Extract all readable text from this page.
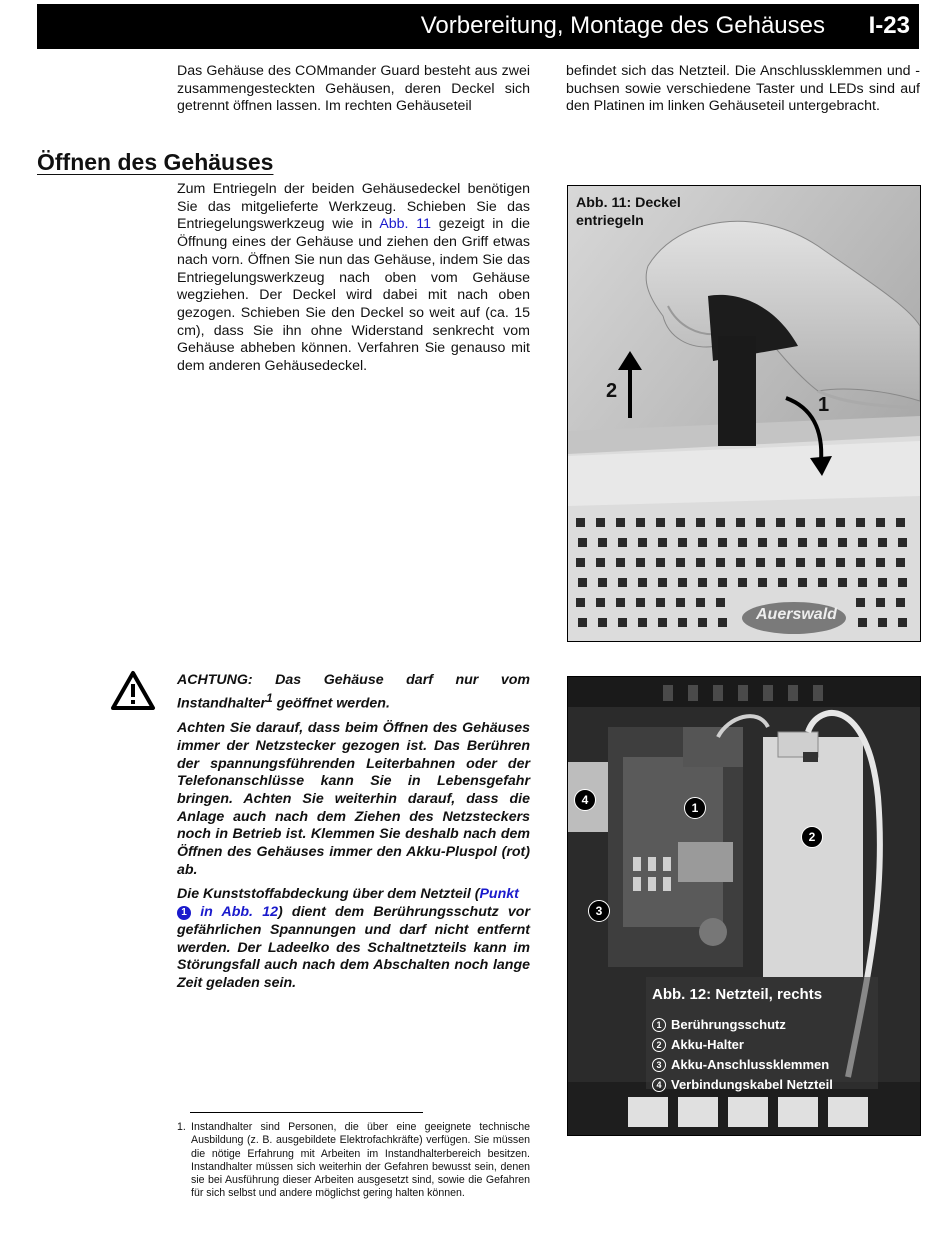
Vorbereitung, Montage des Gehäuses I-23

Das Gehäuse des COMmander Guard besteht aus zwei zusammengesteckten Gehäusen, deren Deckel sich getrennt öffnen lassen. Im rechten Gehäuseteil

befindet sich das Netzteil. Die Anschlussklemmen und -buchsen sowie verschiedene Taster und LEDs sind auf den Platinen im linken Gehäuseteil untergebracht.

Öffnen des Gehäuses

Zum Entriegeln der beiden Gehäusedeckel benötigen Sie das mitgelieferte Werkzeug. Schieben Sie das Entriegelungswerkzeug wie in Abb. 11 gezeigt in die Öffnung eines der Gehäuse und ziehen den Griff etwas nach vorn. Öffnen Sie nun das Gehäuse, indem Sie das Entriegelungswerkzeug nach oben vom Gehäuse wegziehen. Der Deckel wird dabei mit nach oben gezogen. Schieben Sie den Deckel so weit auf (ca. 15 cm), dass Sie ihn ohne Widerstand senkrecht vom Gehäuse abheben können. Verfahren Sie genauso mit dem anderen Gehäusedeckel.

ACHTUNG: Das Gehäuse darf nur vom Instandhalter$^1$ geöffnet werden.

Achten Sie darauf, dass beim Öffnen des Gehäuses immer der Netzstecker gezogen ist. Das Berühren der spannungsführenden Leiterbahnen oder der Telefonanschlüsse kann Sie in Lebensgefahr bringen. Achten Sie weiterhin darauf, dass die Anlage auch nach dem Ziehen des Netzsteckers noch in Betrieb ist. Klemmen Sie deshalb nach dem Öffnen des Gehäuses immer den Akku-Pluspol (rot) ab.

Die Kunststoffabdeckung über dem Netzteil (Punkt
1 in Abb. 12) dient dem Berührungsschutz vor gefährlichen Spannungen und darf nicht entfernt werden. Der Ladeelko des Schaltnetzteils kann im Störungsfall auch nach dem Abschalten noch lange Zeit geladen sein.

1. Instandhalter sind Personen, die über eine geeignete technische Ausbildung (z. B. ausgebildete Elektrofachkräfte) verfügen. Sie müssen die nötige Erfahrung mit Arbeiten im Instandhalterbereich besitzen. Instandhalter müssen sich weiterhin der Gefahren bewusst sein, denen sie bei Ausführung dieser Arbeiten ausgesetzt sind, sowie die Gefahren für sich selbst und andere möglichst gering halten können.
Abb. 11: Deckel
entriegeln
2
1
Auerswald
1
2
3
4
Abb. 12: Netzteil, rechts
1 Berührungsschutz
2 Akku-Halter
3 Akku-Anschlussklemmen
4 Verbindungskabel Netzteil
